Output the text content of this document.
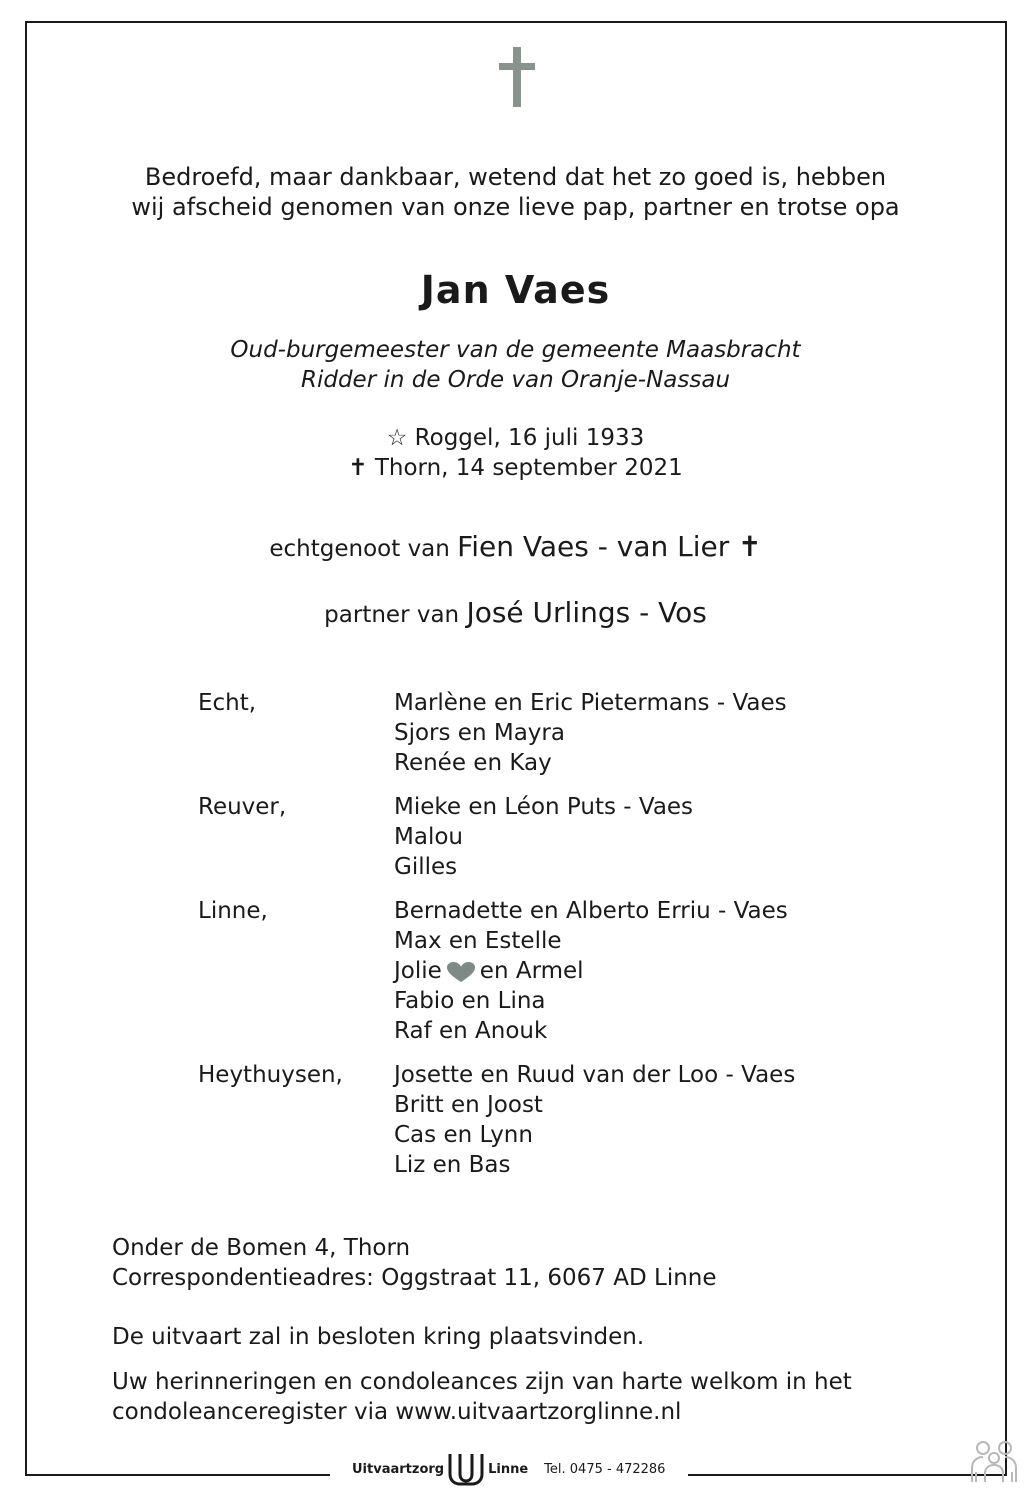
Bedroefd, maar dankbaar, wetend dat het zo goed is, hebben
wij afscheid genomen van onze lieve pap, partner en trotse opa
Jan Vaes
Oud-burgemeester van de gemeente Maasbracht
Ridder in de Orde van Oranje-Nassau
☆ Roggel, 16 juli 1933
✝ Thorn, 14 september 2021
echtgenoot van Fien Vaes - van Lier ✝
partner van José Urlings - Vos
Echt,	Marlène en Eric Pietermans - Vaes
Sjors en Mayra
Renée en Kay
Reuver,	Mieke en Léon Puts - Vaes
Malou
Gilles
Linne,	Bernadette en Alberto Erriu - Vaes
Max en Estelle
Jolie en Armel
Fabio en Lina
Raf en Anouk
Heythuysen,	Josette en Ruud van der Loo - Vaes
Britt en Joost
Cas en Lynn
Liz en Bas
Onder de Bomen 4, Thorn
Correspondentieadres: Oggstraat 11, 6067 AD Linne
De uitvaart zal in besloten kring plaatsvinden.
Uw herinneringen en condoleances zijn van harte welkom in het
condoleanceregister via www.uitvaartzorglinne.nl
Uitvaartzorg	Linne Tel. 0475 - 472286
